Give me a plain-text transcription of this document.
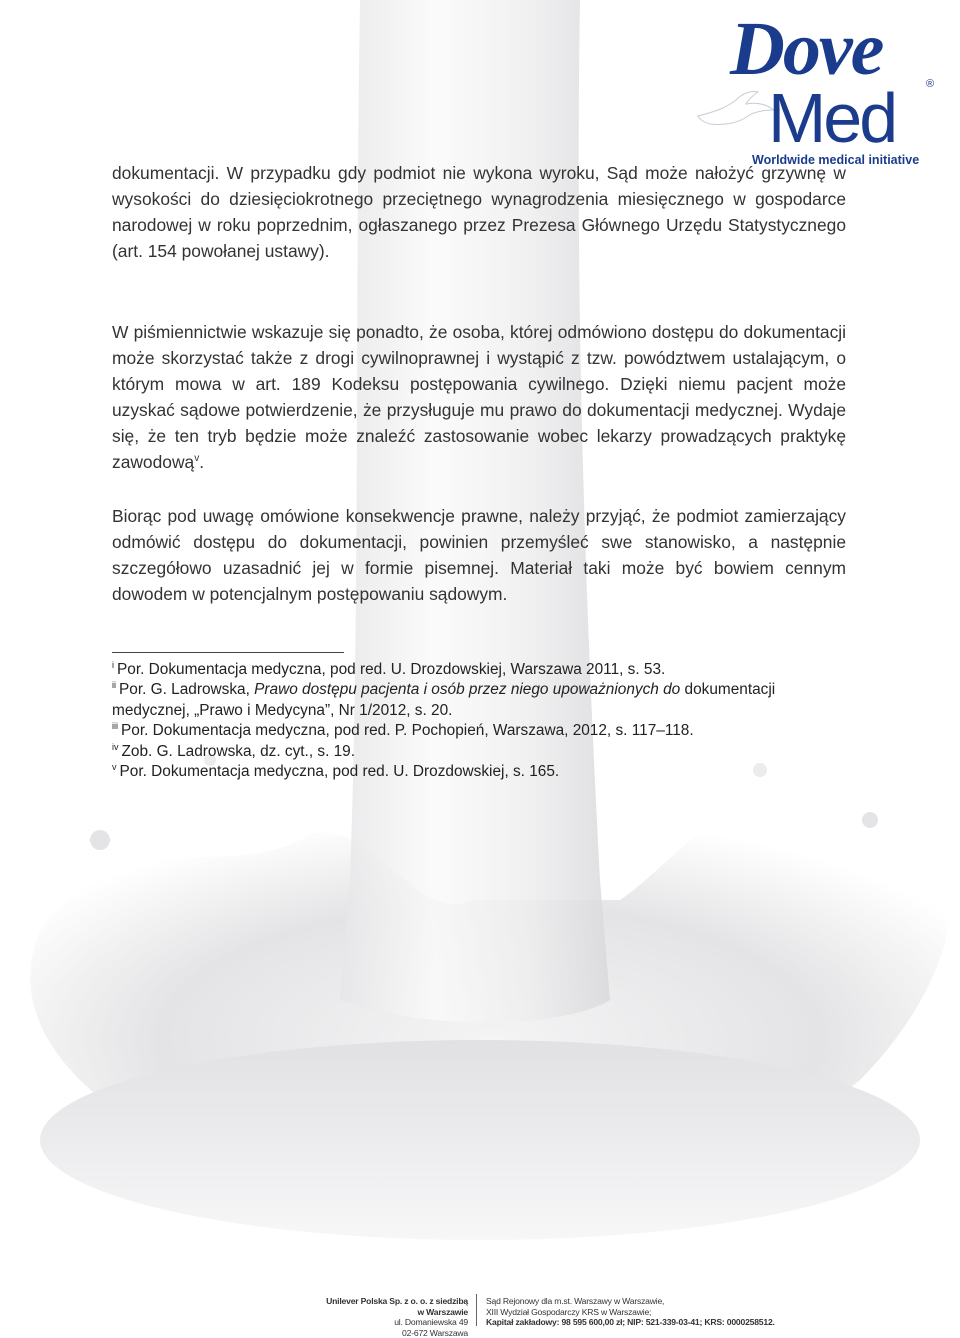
Dove
Med	®
Worldwide medical initiative

dokumentacji. W przypadku gdy podmiot nie wykona wyroku, Sąd może nałożyć grzywnę w wysokości do dziesięciokrotnego przeciętnego wynagrodzenia miesięcznego w gospodarce narodowej w roku poprzednim, ogłaszanego przez Prezesa Głównego Urzędu Statystycznego (art. 154 powołanej ustawy).

W piśmiennictwie wskazuje się ponadto, że osoba, której odmówiono dostępu do dokumentacji może skorzystać także z drogi cywilnoprawnej i wystąpić z tzw. powództwem ustalającym, o którym mowa w art. 189 Kodeksu postępowania cywilnego. Dzięki niemu pacjent może uzyskać sądowe potwierdzenie, że przysługuje mu prawo do dokumentacji medycznej. Wydaje się, że ten tryb będzie może znaleźć zastosowanie wobec lekarzy prowadzących praktykę zawodową$^v$.

Biorąc pod uwagę omówione konsekwencje prawne, należy przyjąć, że podmiot zamierzający odmówić dostępu do dokumentacji, powinien przemyśleć swe stanowisko, a następnie szczegółowo uzasadnić jej w formie pisemnej. Materiał taki może być bowiem cennym dowodem w potencjalnym postępowaniu sądowym.

$^i$ Por. Dokumentacja medyczna, pod red. U. Drozdowskiej, Warszawa 2011, s. 53.

$^{ii}$ Por. G. Ladrowska, Prawo dostępu pacjenta i osób przez niego upoważnionych do dokumentacji medycznej, „Prawo i Medycyna”, Nr 1/2012, s. 20.

$^{iii}$ Por. Dokumentacja medyczna, pod red. P. Pochopień, Warszawa, 2012, s. 117–118.

$^{iv}$ Zob. G. Ladrowska, dz. cyt., s. 19.

$^v$ Por. Dokumentacja medyczna, pod red. U. Drozdowskiej, s. 165.

Unilever Polska Sp. z o. o. z siedzibą w Warszawie
ul. Domaniewska 49
02-672 Warszawa
Sąd Rejonowy dla m.st. Warszawy w Warszawie,
XIII Wydział Gospodarczy KRS w Warszawie;
Kapitał zakładowy: 98 595 600,00 zł; NIP: 521-339-03-41; KRS: 0000258512.
